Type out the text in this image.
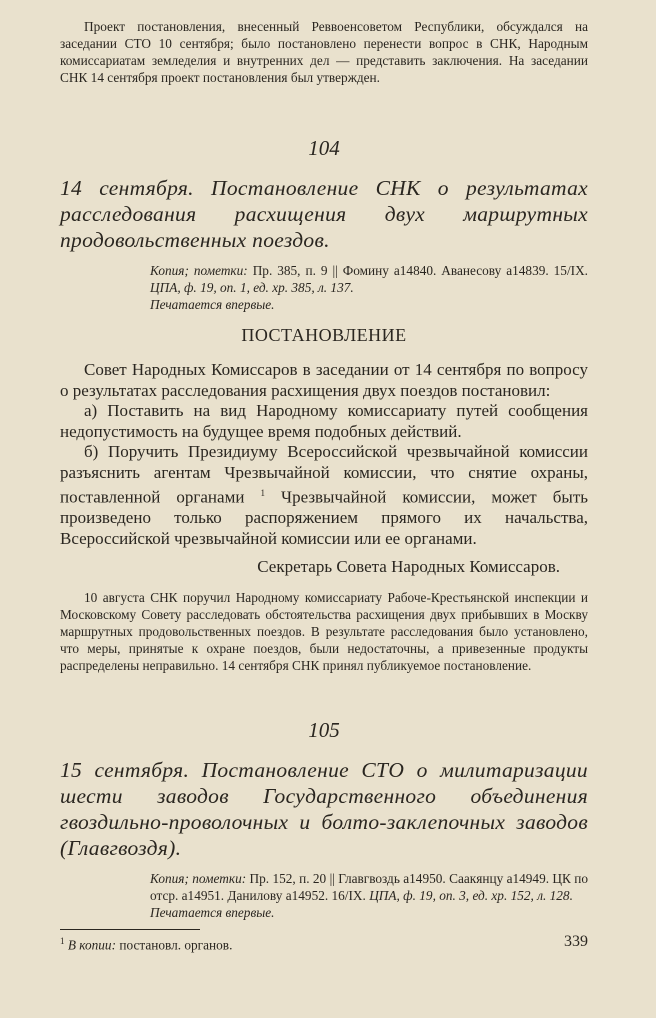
Проект постановления, внесенный Реввоенсоветом Республики, обсуждался на заседании СТО 10 сентября; было постановлено перенести вопрос в СНК, Народным комиссариатам земледелия и внутренних дел — представить заключения. На заседании СНК 14 сентября проект постановления был утвержден.

104

14 сентября. Постановление СНК о результатах расследования расхищения двух маршрутных продовольственных поездов.

Копия; пометки: Пр. 385, п. 9 || Фомину а14840. Аванесову а14839. 15/IX. ЦПА, ф. 19, оп. 1, ед. хр. 385, л. 137.
Печатается впервые.

ПОСТАНОВЛЕНИЕ

Совет Народных Комиссаров в заседании от 14 сентября по вопросу о результатах расследования расхищения двух поездов постановил:

а) Поставить на вид Народному комиссариату путей сообщения недопустимость на будущее время подобных действий.

б) Поручить Президиуму Всероссийской чрезвычайной комиссии разъяснить агентам Чрезвычайной комиссии, что снятие охраны, поставленной органами $^1$ Чрезвычайной комиссии, может быть произведено только распоряжением прямого их начальства, Всероссийской чрезвычайной комиссии или ее органами.

Секретарь Совета Народных Комиссаров.

10 августа СНК поручил Народному комиссариату Рабоче-Крестьянской инспекции и Московскому Совету расследовать обстоятельства расхищения двух прибывших в Москву маршрутных продовольственных поездов. В результате расследования было установлено, что меры, принятые к охране поездов, были недостаточны, а привезенные продукты распределены неправильно. 14 сентября СНК принял публикуемое постановление.

105

15 сентября. Постановление СТО о милитаризации шести заводов Государственного объединения гвоздильно-проволочных и болто-заклепочных заводов (Главгвоздя).

Копия; пометки: Пр. 152, п. 20 || Главгвоздь а14950. Саакянцу а14949. ЦК по отср. а14951. Данилову а14952. 16/IX. ЦПА, ф. 19, оп. 3, ед. хр. 152, л. 128.
Печатается впервые.

$^1$ В копии: постановл. органов.	339
